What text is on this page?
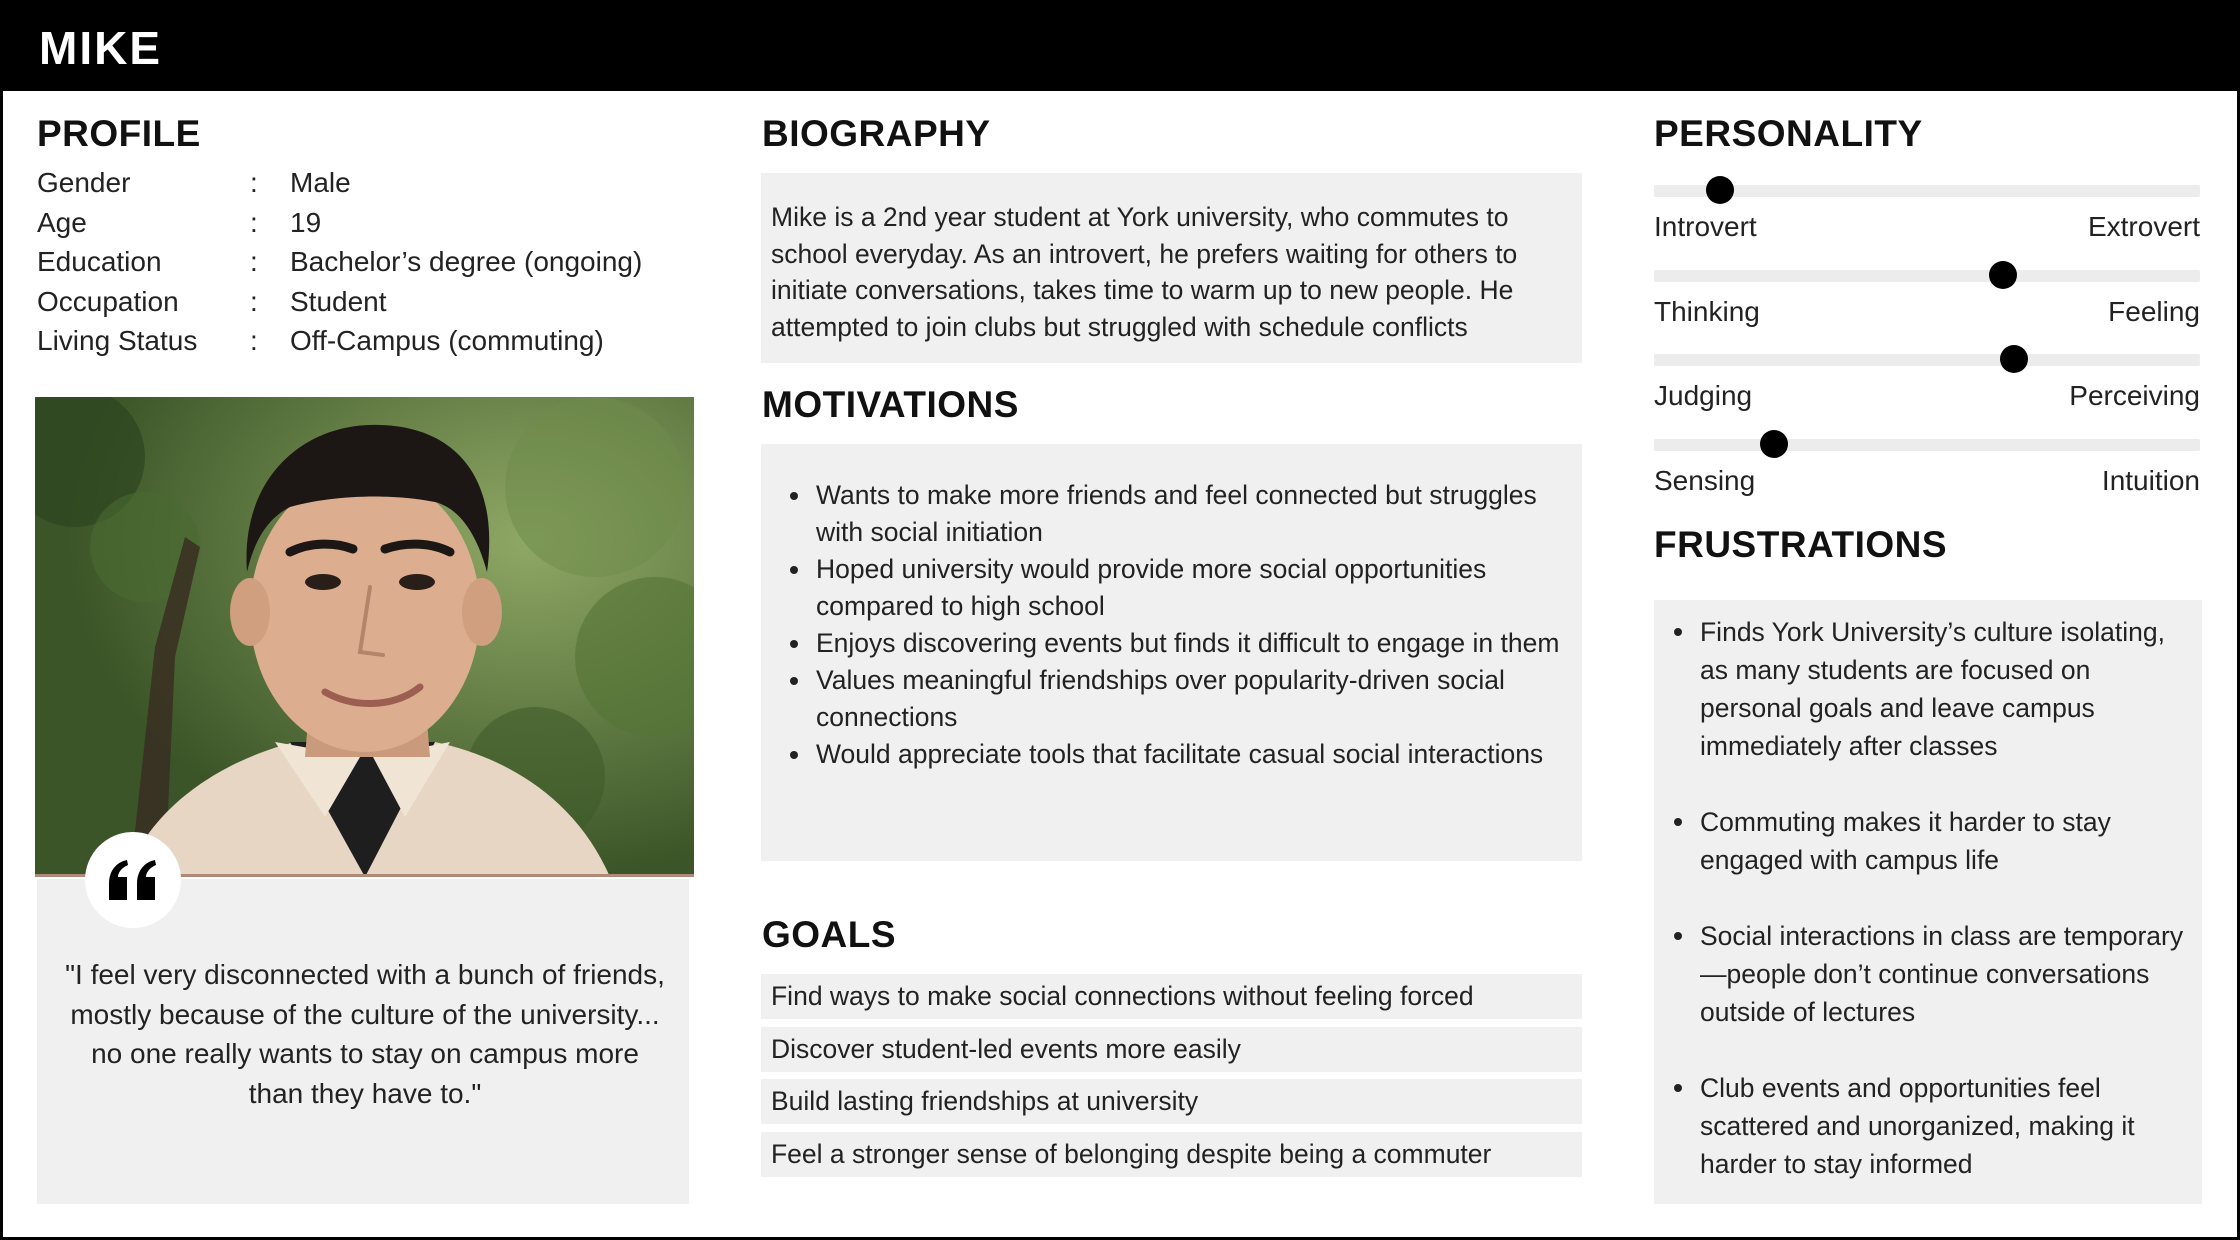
MIKE
PROFILE
Gender	: Male
Age	: 19
Education	: Bachelor’s degree (ongoing)
Occupation	: Student
Living Status : Off-Campus (commuting)
"I feel very disconnected with a bunch of friends, mostly because of the culture of the university... no one really wants to stay on campus more than they have to."
BIOGRAPHY
Mike is a 2nd year student at York university, who commutes to school everyday. As an introvert, he prefers waiting for others to initiate conversations, takes time to warm up to new people. He attempted to join clubs but struggled with schedule conflicts
MOTIVATIONS
Wants to make more friends and feel connected but struggles with social initiation
Hoped university would provide more social opportunities compared to high school
Enjoys discovering events but finds it difficult to engage in them
Values meaningful friendships over popularity-driven social connections
Would appreciate tools that facilitate casual social interactions
GOALS
Find ways to make social connections without feeling forced
Discover student-led events more easily
Build lasting friendships at university
Feel a stronger sense of belonging despite being a commuter
PERSONALITY
Introvert	Extrovert
Thinking	Feeling
Judging	Perceiving
Sensing	Intuition
FRUSTRATIONS
Finds York University’s culture isolating, as many students are focused on personal goals and leave campus immediately after classes
Commuting makes it harder to stay engaged with campus life
Social interactions in class are temporary—people don’t continue conversations outside of lectures
Club events and opportunities feel scattered and unorganized, making it harder to stay informed
